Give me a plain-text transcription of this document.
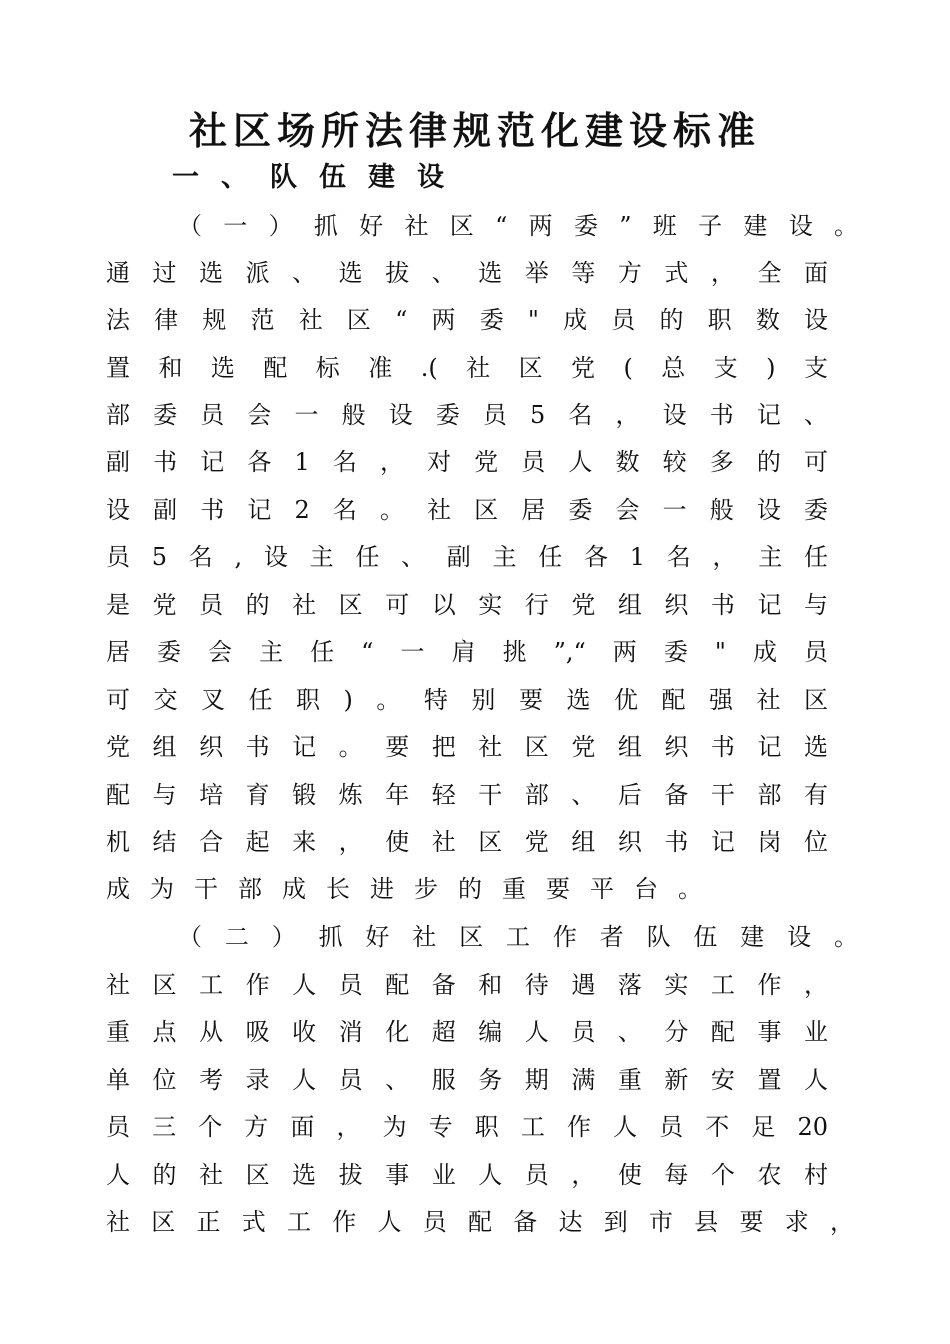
社区场所法律规范化建设标准
一、队伍建设
（一）抓好社区“两委”班子建设。
通过选派、选拔、选举等方式，全面
法律规范社区“两委"成员的职数设
置和选配标准.(社区党(总支)支
部委员会一般设委员5名，设书记、
副书记各1名，对党员人数较多的可
设副书记2名。社区居委会一般设委
员5名,设主任、副主任各1名，主任
是党员的社区可以实行党组织书记与
居委会主任“一肩挑”,“两委"成员
可交叉任职)。特别要选优配强社区
党组织书记。要把社区党组织书记选
配与培育锻炼年轻干部、后备干部有
机结合起来，使社区党组织书记岗位
成为干部成长进步的重要平台。
（二）抓好社区工作者队伍建设。
社区工作人员配备和待遇落实工作，
重点从吸收消化超编人员、分配事业
单位考录人员、服务期满重新安置人
员三个方面，为专职工作人员不足20
人的社区选拔事业人员，使每个农村
社区正式工作人员配备达到市县要求，
